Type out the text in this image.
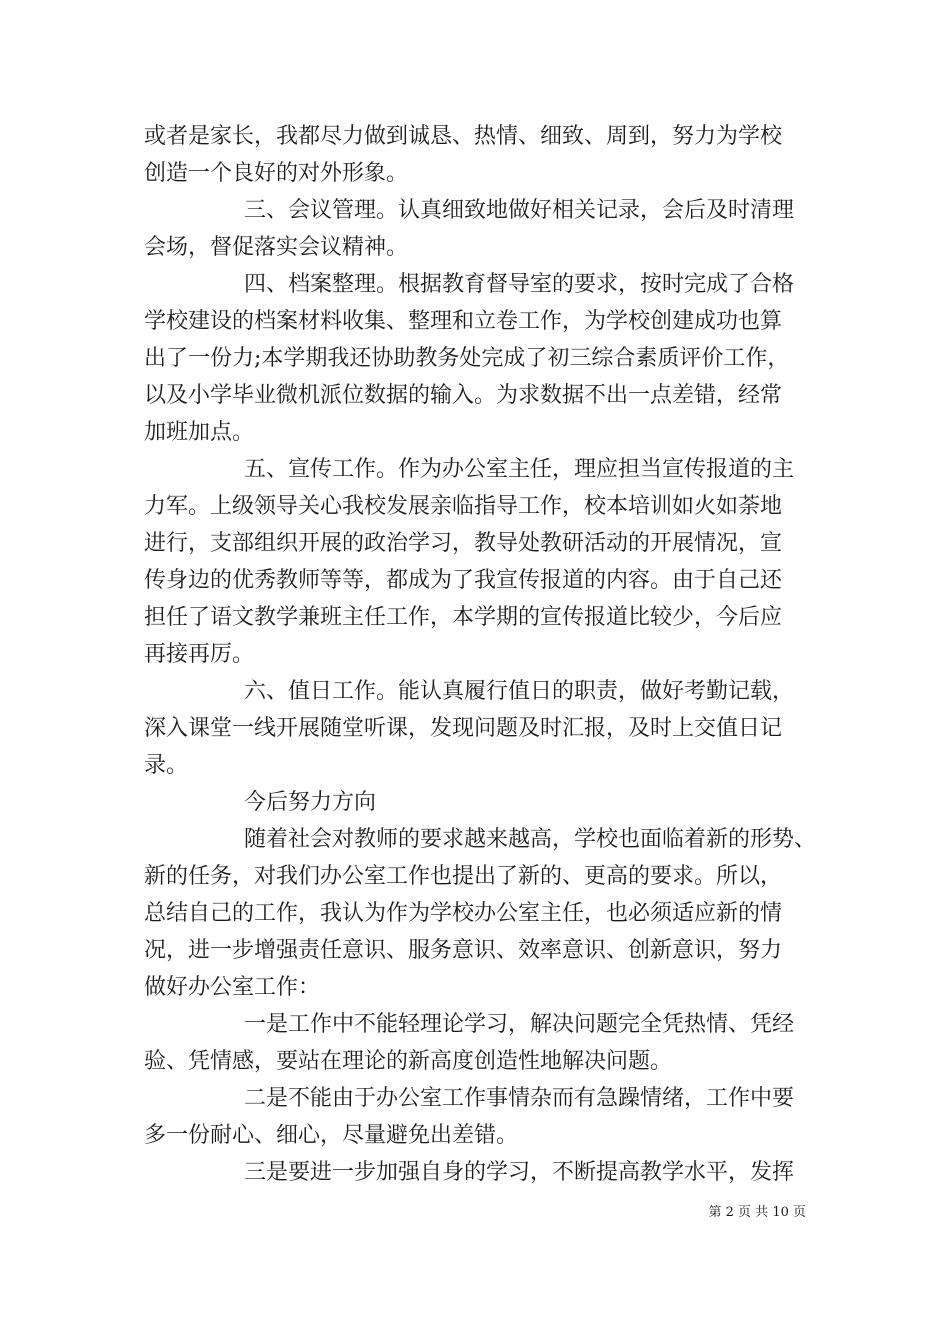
或者是家长，我都尽力做到诚恳、热情、细致、周到，努力为学校
创造一个良好的对外形象。
三、会议管理。认真细致地做好相关记录，会后及时清理
会场，督促落实会议精神。
四、档案整理。根据教育督导室的要求，按时完成了合格
学校建设的档案材料收集、整理和立卷工作，为学校创建成功也算
出了一份力;本学期我还协助教务处完成了初三综合素质评价工作，
以及小学毕业微机派位数据的输入。为求数据不出一点差错，经常
加班加点。
五、宣传工作。作为办公室主任，理应担当宣传报道的主
力军。上级领导关心我校发展亲临指导工作，校本培训如火如荼地
进行，支部组织开展的政治学习，教导处教研活动的开展情况，宣
传身边的优秀教师等等，都成为了我宣传报道的内容。由于自己还
担任了语文教学兼班主任工作，本学期的宣传报道比较少，今后应
再接再厉。
六、值日工作。能认真履行值日的职责，做好考勤记载，
深入课堂一线开展随堂听课，发现问题及时汇报，及时上交值日记
录。
今后努力方向
随着社会对教师的要求越来越高，学校也面临着新的形势、
新的任务，对我们办公室工作也提出了新的、更高的要求。所以，
总结自己的工作，我认为作为学校办公室主任，也必须适应新的情
况，进一步增强责任意识、服务意识、效率意识、创新意识，努力
做好办公室工作：
一是工作中不能轻理论学习，解决问题完全凭热情、凭经
验、凭情感，要站在理论的新高度创造性地解决问题。
二是不能由于办公室工作事情杂而有急躁情绪，工作中要
多一份耐心、细心，尽量避免出差错。
三是要进一步加强自身的学习，不断提高教学水平，发挥
第 2 页 共 10 页
